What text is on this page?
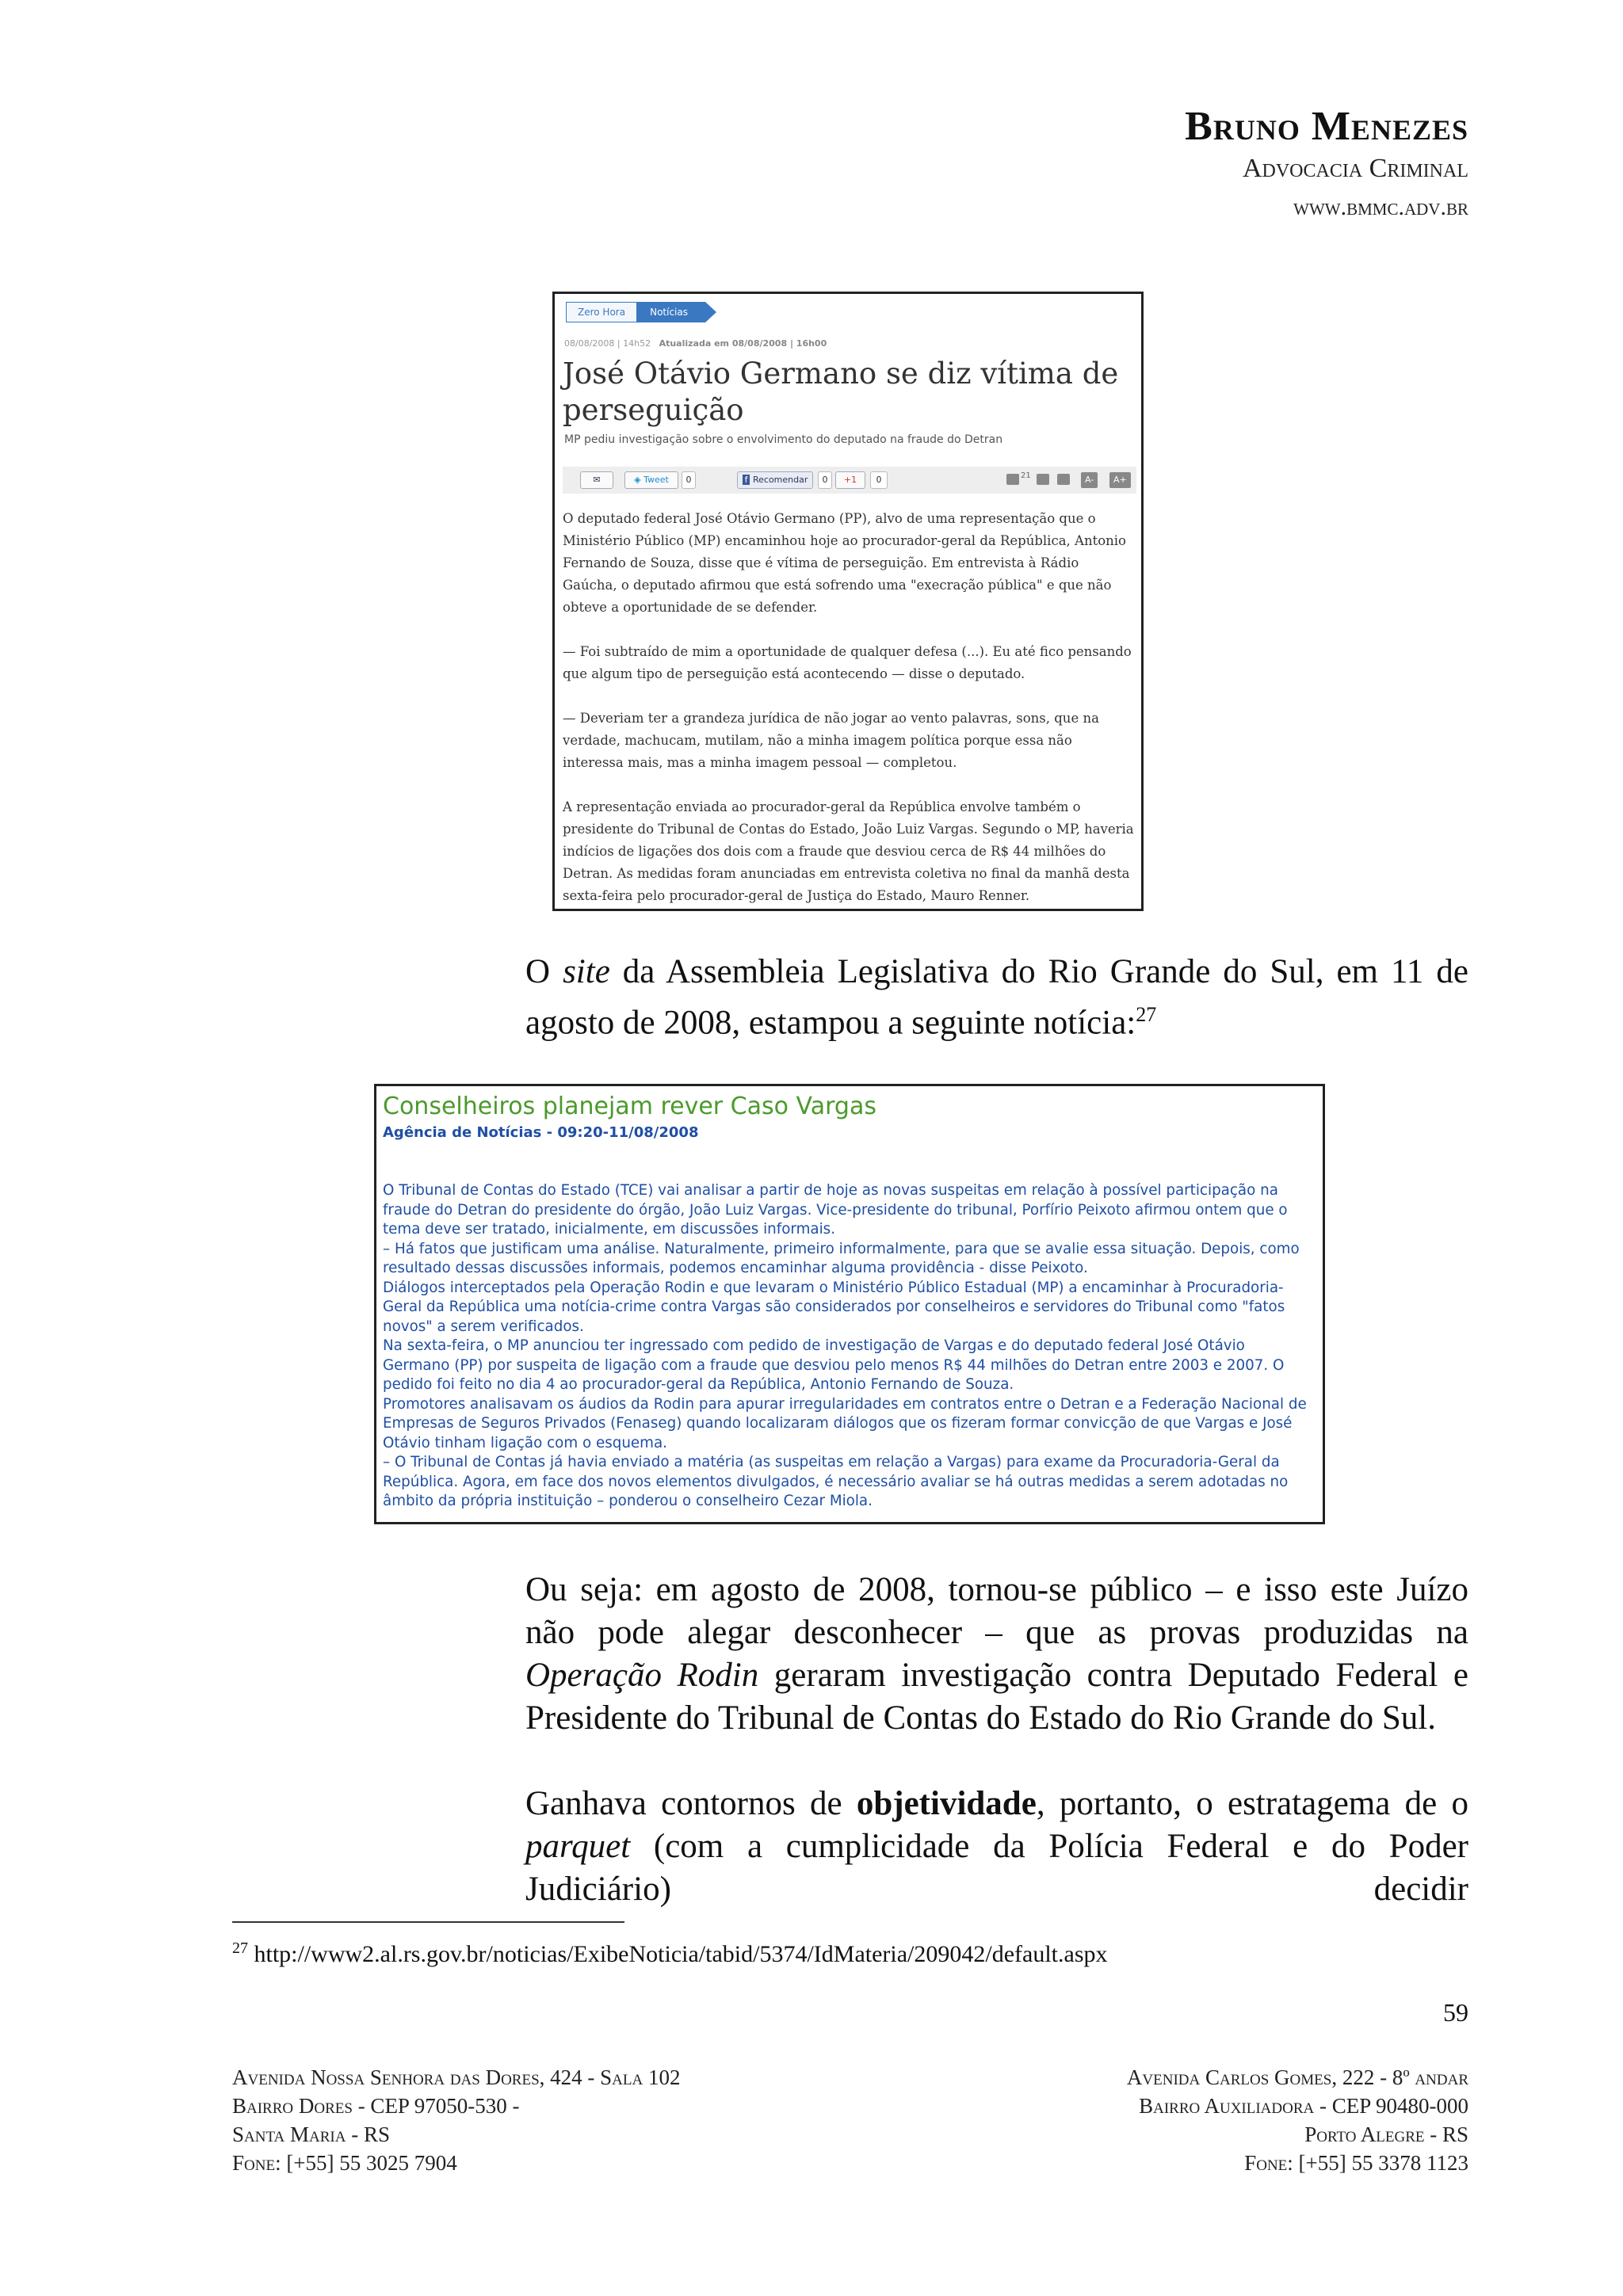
Bruno Menezes
Advocacia Criminal
www.bmmc.adv.br
Zero Hora	Notícias
08/08/2008 | 14h52 Atualizada em 08/08/2008 | 16h00
José Otávio Germano se diz vítima de perseguição
MP pediu investigação sobre o envolvimento do deputado na fraude do Detran
✉	◈ Tweet	0	f Recomendar	0	+1	0	21	A-	A+

O deputado federal José Otávio Germano (PP), alvo de uma representação que o Ministério Público (MP) encaminhou hoje ao procurador-geral da República, Antonio Fernando de Souza, disse que é vítima de perseguição. Em entrevista à Rádio Gaúcha, o deputado afirmou que está sofrendo uma "execração pública" e que não obteve a oportunidade de se defender.

— Foi subtraído de mim a oportunidade de qualquer defesa (...). Eu até fico pensando que algum tipo de perseguição está acontecendo — disse o deputado.

— Deveriam ter a grandeza jurídica de não jogar ao vento palavras, sons, que na verdade, machucam, mutilam, não a minha imagem política porque essa não interessa mais, mas a minha imagem pessoal — completou.

A representação enviada ao procurador-geral da República envolve também o presidente do Tribunal de Contas do Estado, João Luiz Vargas. Segundo o MP, haveria indícios de ligações dos dois com a fraude que desviou cerca de R$ 44 milhões do Detran. As medidas foram anunciadas em entrevista coletiva no final da manhã desta sexta-feira pelo procurador-geral de Justiça do Estado, Mauro Renner.

O site da Assembleia Legislativa do Rio Grande do Sul, em 11 de agosto de 2008, estampou a seguinte notícia:$^{27}$
Conselheiros planejam rever Caso Vargas
Agência de Notícias - 09:20-11/08/2008

O Tribunal de Contas do Estado (TCE) vai analisar a partir de hoje as novas suspeitas em relação à possível participação na fraude do Detran do presidente do órgão, João Luiz Vargas. Vice-presidente do tribunal, Porfírio Peixoto afirmou ontem que o tema deve ser tratado, inicialmente, em discussões informais.

– Há fatos que justificam uma análise. Naturalmente, primeiro informalmente, para que se avalie essa situação. Depois, como resultado dessas discussões informais, podemos encaminhar alguma providência - disse Peixoto.

Diálogos interceptados pela Operação Rodin e que levaram o Ministério Público Estadual (MP) a encaminhar à Procuradoria-Geral da República uma notícia-crime contra Vargas são considerados por conselheiros e servidores do Tribunal como "fatos novos" a serem verificados.

Na sexta-feira, o MP anunciou ter ingressado com pedido de investigação de Vargas e do deputado federal José Otávio Germano (PP) por suspeita de ligação com a fraude que desviou pelo menos R$ 44 milhões do Detran entre 2003 e 2007. O pedido foi feito no dia 4 ao procurador-geral da República, Antonio Fernando de Souza.

Promotores analisavam os áudios da Rodin para apurar irregularidades em contratos entre o Detran e a Federação Nacional de Empresas de Seguros Privados (Fenaseg) quando localizaram diálogos que os fizeram formar convicção de que Vargas e José Otávio tinham ligação com o esquema.

– O Tribunal de Contas já havia enviado a matéria (as suspeitas em relação a Vargas) para exame da Procuradoria-Geral da República. Agora, em face dos novos elementos divulgados, é necessário avaliar se há outras medidas a serem adotadas no âmbito da própria instituição – ponderou o conselheiro Cezar Miola.

Ou seja: em agosto de 2008, tornou-se público – e isso este Juízo não pode alegar desconhecer – que as provas produzidas na Operação Rodin geraram investigação contra Deputado Federal e Presidente do Tribunal de Contas do Estado do Rio Grande do Sul.
Ganhava contornos de objetividade, portanto, o estratagema de o parquet (com a cumplicidade da Polícia Federal e do Poder Judiciário) decidir
$^{27}$ http://www2.al.rs.gov.br/noticias/ExibeNoticia/tabid/5374/IdMateria/209042/default.aspx
59
Avenida Nossa Senhora das Dores, 424 - Sala 102
Bairro Dores - CEP 97050-530 -
Santa Maria - RS
Fone: [+55] 55 3025 7904
Avenida Carlos Gomes, 222 - 8º andar
Bairro Auxiliadora - CEP 90480-000
Porto Alegre - RS
Fone: [+55] 55 3378 1123
